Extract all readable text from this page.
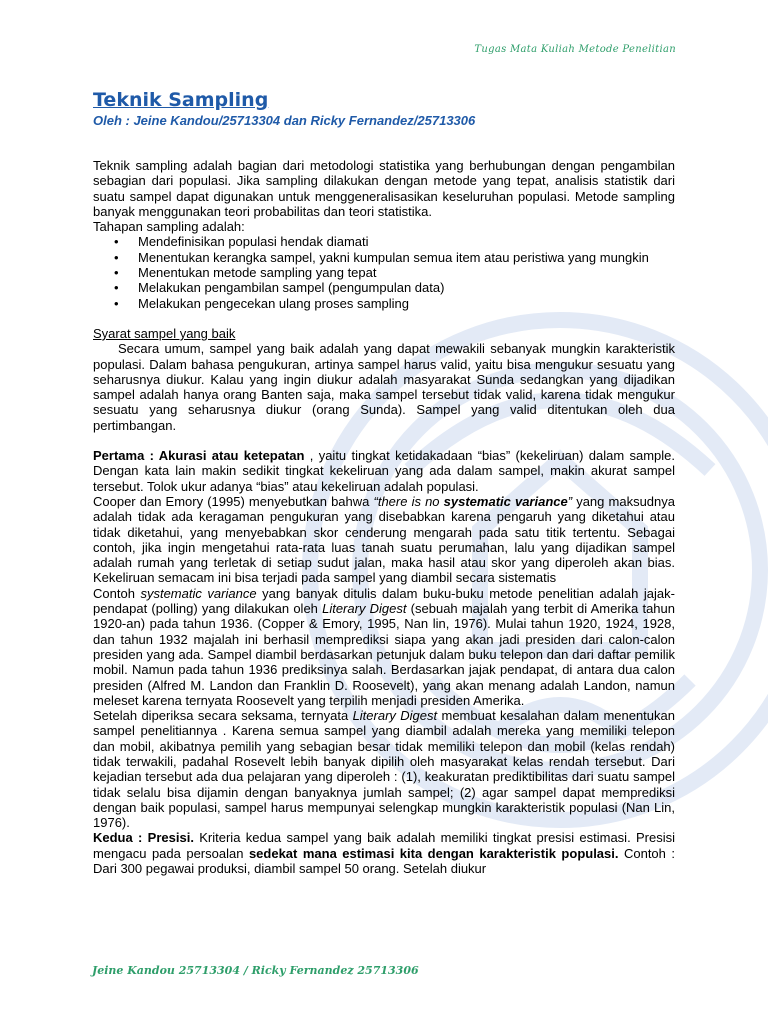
Tugas Mata Kuliah Metode Penelitian
Teknik Sampling
Oleh : Jeine Kandou/25713304 dan Ricky Fernandez/25713306

Teknik sampling adalah bagian dari metodologi statistika yang berhubungan dengan pengambilan sebagian dari populasi. Jika sampling dilakukan dengan metode yang tepat, analisis statistik dari suatu sampel dapat digunakan untuk menggeneralisasikan keseluruhan populasi. Metode sampling banyak menggunakan teori probabilitas dan teori statistika.

Tahapan sampling adalah:

• Mendefinisikan populasi hendak diamati
• Menentukan kerangka sampel, yakni kumpulan semua item atau peristiwa yang mungkin
• Menentukan metode sampling yang tepat
• Melakukan pengambilan sampel (pengumpulan data)
• Melakukan pengecekan ulang proses sampling

Syarat sampel yang baik

Secara umum, sampel yang baik adalah yang dapat mewakili sebanyak mungkin karakteristik populasi. Dalam bahasa pengukuran, artinya sampel harus valid, yaitu bisa mengukur sesuatu yang seharusnya diukur. Kalau yang ingin diukur adalah masyarakat Sunda sedangkan yang dijadikan sampel adalah hanya orang Banten saja, maka sampel tersebut tidak valid, karena tidak mengukur sesuatu yang seharusnya diukur (orang Sunda). Sampel yang valid ditentukan oleh dua pertimbangan.

Pertama : Akurasi atau ketepatan , yaitu tingkat ketidakadaan “bias” (kekeliruan) dalam sample. Dengan kata lain makin sedikit tingkat kekeliruan yang ada dalam sampel, makin akurat sampel tersebut. Tolok ukur adanya “bias” atau kekeliruan adalah populasi.

Cooper dan Emory (1995) menyebutkan bahwa “there is no systematic variance” yang maksudnya adalah tidak ada keragaman pengukuran yang disebabkan karena pengaruh yang diketahui atau tidak diketahui, yang menyebabkan skor cenderung mengarah pada satu titik tertentu. Sebagai contoh, jika ingin mengetahui rata-rata luas tanah suatu perumahan, lalu yang dijadikan sampel adalah rumah yang terletak di setiap sudut jalan, maka hasil atau skor yang diperoleh akan bias. Kekeliruan semacam ini bisa terjadi pada sampel yang diambil secara sistematis

Contoh systematic variance yang banyak ditulis dalam buku-buku metode penelitian adalah jajak-pendapat (polling) yang dilakukan oleh Literary Digest (sebuah majalah yang terbit di Amerika tahun 1920-an) pada tahun 1936. (Copper & Emory, 1995, Nan lin, 1976). Mulai tahun 1920, 1924, 1928, dan tahun 1932 majalah ini berhasil memprediksi siapa yang akan jadi presiden dari calon-calon presiden yang ada. Sampel diambil berdasarkan petunjuk dalam buku telepon dan dari daftar pemilik mobil. Namun pada tahun 1936 prediksinya salah. Berdasarkan jajak pendapat, di antara dua calon presiden (Alfred M. Landon dan Franklin D. Roosevelt), yang akan menang adalah Landon, namun meleset karena ternyata Roosevelt yang terpilih menjadi presiden Amerika.

Setelah diperiksa secara seksama, ternyata Literary Digest membuat kesalahan dalam menentukan sampel penelitiannya . Karena semua sampel yang diambil adalah mereka yang memiliki telepon dan mobil, akibatnya pemilih yang sebagian besar tidak memiliki telepon dan mobil (kelas rendah) tidak terwakili, padahal Rosevelt lebih banyak dipilih oleh masyarakat kelas rendah tersebut. Dari kejadian tersebut ada dua pelajaran yang diperoleh : (1), keakuratan prediktibilitas dari suatu sampel tidak selalu bisa dijamin dengan banyaknya jumlah sampel; (2) agar sampel dapat memprediksi dengan baik populasi, sampel harus mempunyai selengkap mungkin karakteristik populasi (Nan Lin, 1976).

Kedua : Presisi. Kriteria kedua sampel yang baik adalah memiliki tingkat presisi estimasi. Presisi mengacu pada persoalan sedekat mana estimasi kita dengan karakteristik populasi. Contoh : Dari 300 pegawai produksi, diambil sampel 50 orang. Setelah diukur

Jeine Kandou 25713304 / Ricky Fernandez 25713306
